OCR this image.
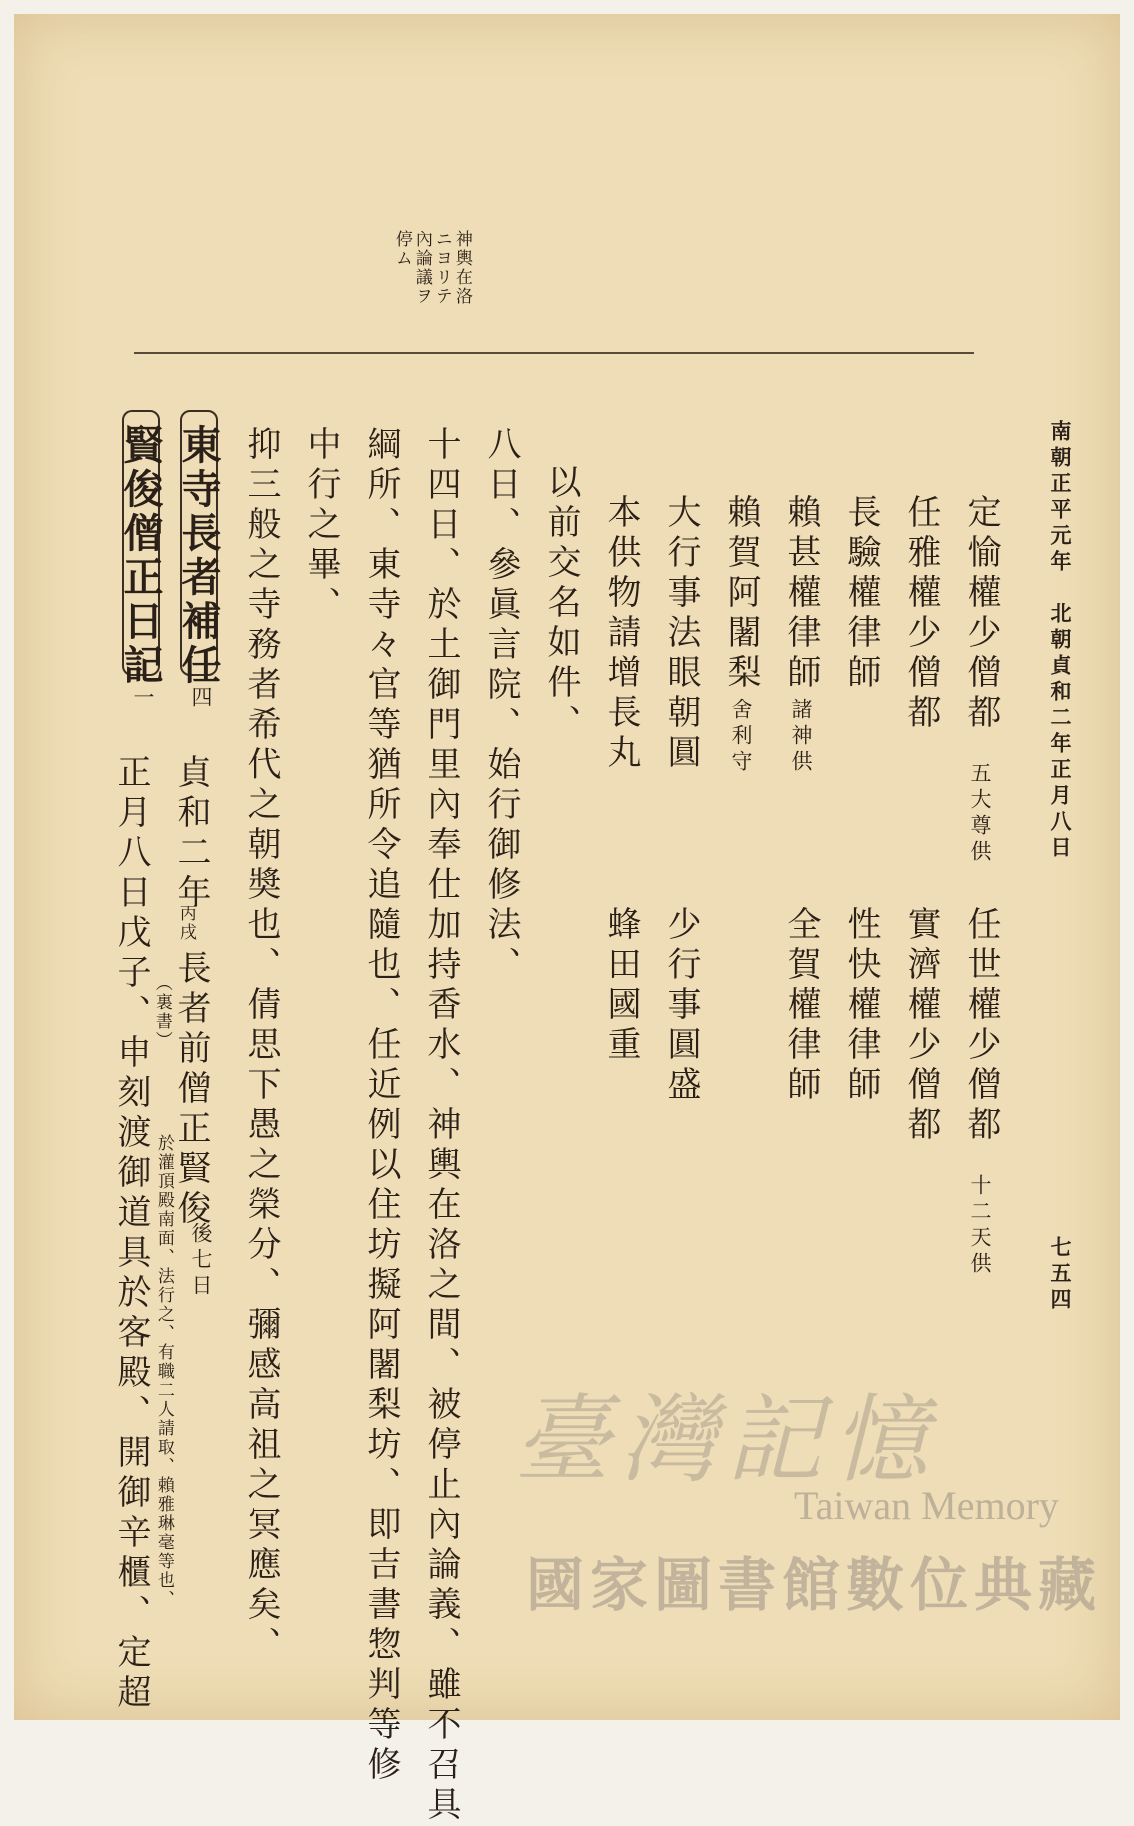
南朝正平元年　北朝貞和二年正月八日
七五四
神輿在洛
ニヨリテ
內論議ヲ
停ム
定愉權少僧都
五大尊供
任世權少僧都
十二天供
任雅權少僧都
實濟權少僧都
長驗權律師
性快權律師
賴甚權律師
諸神供
全賀權律師
賴賀阿闍梨
舍利守
大行事法眼朝圓
少行事圓盛
本供物請增長丸
蜂田國重
以前交名如件、
八日、參眞言院、始行御修法、
十四日、於土御門里內奉仕加持香水、神輿在洛之間、被停止內論義、雖不召具
綱所、東寺々官等猶所令追隨也、任近例以住坊擬阿闍梨坊、即吉書惣判等修
中行之畢、
抑三般之寺務者希代之朝奬也、倩思下愚之榮分、彌感高祖之冥應矣、
東寺長者補任
四
貞和二年
丙戌
長者前僧正賢俊
（裏書）
後七日
於灌頂殿南面、法行之、有職二人請取、賴雅琳毫等也、
賢俊僧正日記
一
正月八日戊子、申刻渡御道具於客殿、開御辛櫃、定超	臺灣記憶
Taiwan Memory
國家圖書館數位典藏
